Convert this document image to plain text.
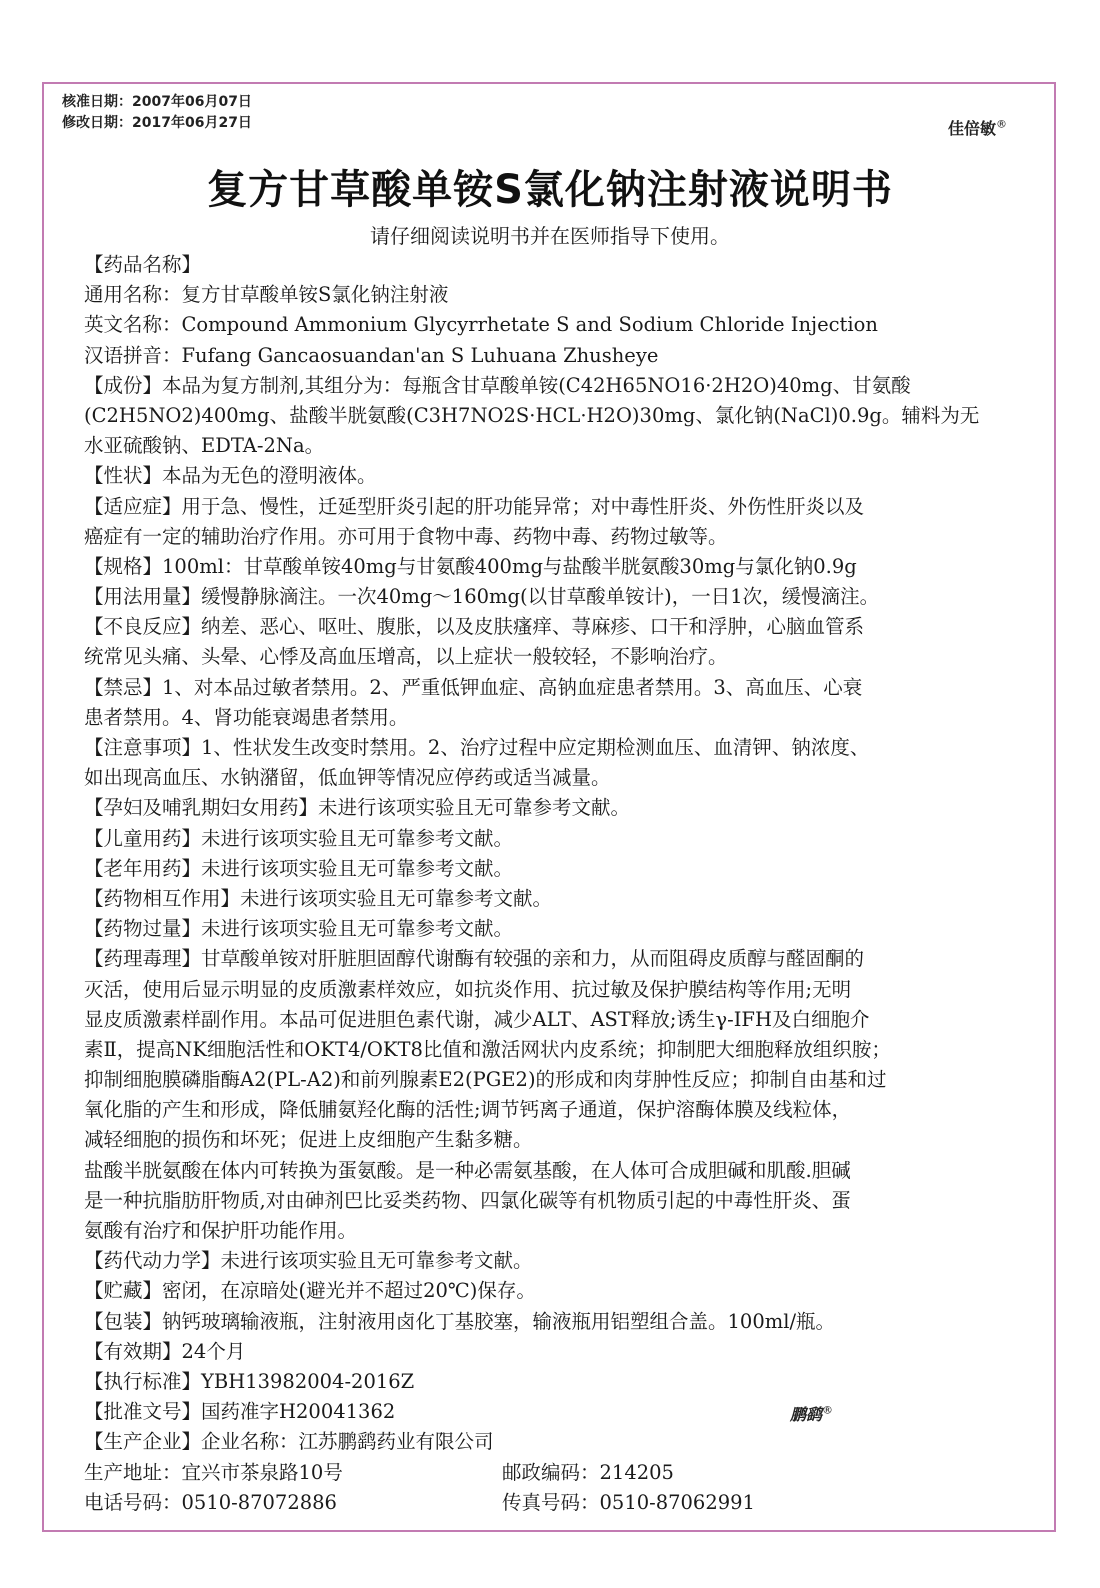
核准日期：2007年06月07日
修改日期：2017年06月27日	佳倍敏®
复方甘草酸单铵S氯化钠注射液说明书
请仔细阅读说明书并在医师指导下使用。
【药品名称】
通用名称：复方甘草酸单铵S氯化钠注射液
英文名称：Compound Ammonium Glycyrrhetate S and Sodium Chloride Injection
汉语拼音：Fufang Gancaosuandan'an S Luhuana Zhusheye
【成份】本品为复方制剂,其组分为：每瓶含甘草酸单铵(C42H65NO16·2H2O)40mg、甘氨酸
(C2H5NO2)400mg、盐酸半胱氨酸(C3H7NO2S·HCL·H2O)30mg、氯化钠(NaCl)0.9g。辅料为无
水亚硫酸钠、EDTA-2Na。
【性状】本品为无色的澄明液体。
【适应症】用于急、慢性，迁延型肝炎引起的肝功能异常；对中毒性肝炎、外伤性肝炎以及
癌症有一定的辅助治疗作用。亦可用于食物中毒、药物中毒、药物过敏等。
【规格】100ml：甘草酸单铵40mg与甘氨酸400mg与盐酸半胱氨酸30mg与氯化钠0.9g
【用法用量】缓慢静脉滴注。一次40mg～160mg(以甘草酸单铵计)，一日1次，缓慢滴注。
【不良反应】纳差、恶心、呕吐、腹胀，以及皮肤瘙痒、荨麻疹、口干和浮肿，心脑血管系
统常见头痛、头晕、心悸及高血压增高，以上症状一般较轻，不影响治疗。
【禁忌】1、对本品过敏者禁用。2、严重低钾血症、高钠血症患者禁用。3、高血压、心衰
患者禁用。4、肾功能衰竭患者禁用。
【注意事项】1、性状发生改变时禁用。2、治疗过程中应定期检测血压、血清钾、钠浓度、
如出现高血压、水钠潴留，低血钾等情况应停药或适当减量。
【孕妇及哺乳期妇女用药】未进行该项实验且无可靠参考文献。
【儿童用药】未进行该项实验且无可靠参考文献。
【老年用药】未进行该项实验且无可靠参考文献。
【药物相互作用】未进行该项实验且无可靠参考文献。
【药物过量】未进行该项实验且无可靠参考文献。
【药理毒理】甘草酸单铵对肝脏胆固醇代谢酶有较强的亲和力，从而阻碍皮质醇与醛固酮的
灭活，使用后显示明显的皮质激素样效应，如抗炎作用、抗过敏及保护膜结构等作用;无明
显皮质激素样副作用。本品可促进胆色素代谢，减少ALT、AST释放;诱生γ-IFH及白细胞介
素Ⅱ，提高NK细胞活性和OKT4/OKT8比值和激活网状内皮系统；抑制肥大细胞释放组织胺；
抑制细胞膜磷脂酶A2(PL-A2)和前列腺素E2(PGE2)的形成和肉芽肿性反应；抑制自由基和过
氧化脂的产生和形成，降低脯氨羟化酶的活性;调节钙离子通道，保护溶酶体膜及线粒体，
减轻细胞的损伤和坏死；促进上皮细胞产生黏多糖。
盐酸半胱氨酸在体内可转换为蛋氨酸。是一种必需氨基酸，在人体可合成胆碱和肌酸.胆碱
是一种抗脂肪肝物质,对由砷剂巴比妥类药物、四氯化碳等有机物质引起的中毒性肝炎、蛋
氨酸有治疗和保护肝功能作用。
【药代动力学】未进行该项实验且无可靠参考文献。
【贮藏】密闭，在凉暗处(避光并不超过20℃)保存。
【包装】钠钙玻璃输液瓶，注射液用卤化丁基胶塞，输液瓶用铝塑组合盖。100ml/瓶。
【有效期】24个月
【执行标准】YBH13982004-2016Z
【批准文号】国药准字H20041362
【生产企业】企业名称：江苏鹏鹞药业有限公司
生产地址：宜兴市茶泉路10号	邮政编码：214205
电话号码：0510-87072886	传真号码：0510-87062991
鹏鹞®
